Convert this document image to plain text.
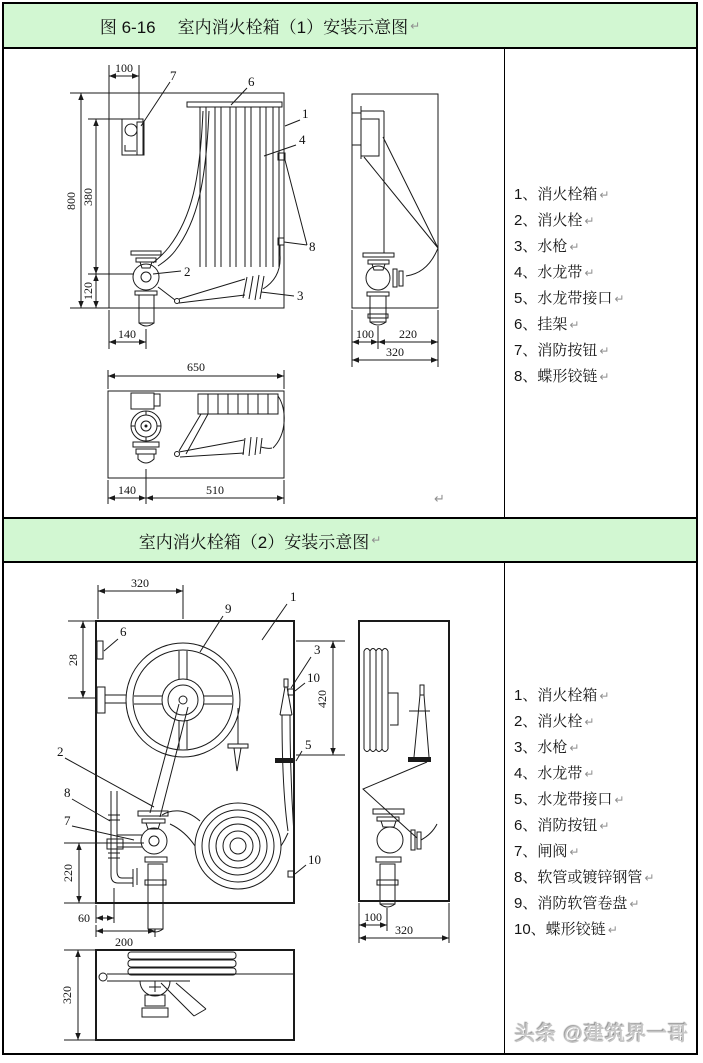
图 6-16 室内消火栓箱（1）安装示意图 ↵
7	6
1
4
8
2
3
100
800 380
120
140	100 220
320
650
140	510
↵
1、消火栓箱 ↵
2、消火栓 ↵
3、水枪 ↵
4、水龙带 ↵
5、水龙带接口 ↵
6、挂架 ↵
7、消防按钮 ↵
8、蝶形铰链 ↵
室内消火栓箱（2）安装示意图 ↵
320
28
420
9
1
6
3
10
5
2
8
7
10
220
60
200
100
320
320
1、消火栓箱 ↵
2、消火栓 ↵
3、水枪 ↵
4、水龙带 ↵
5、水龙带接口 ↵
6、消防按钮 ↵
7、闸阀 ↵
8、软管或镀锌钢管 ↵
9、消防软管卷盘 ↵
10、蝶形铰链 ↵
头条 @建筑界一哥
